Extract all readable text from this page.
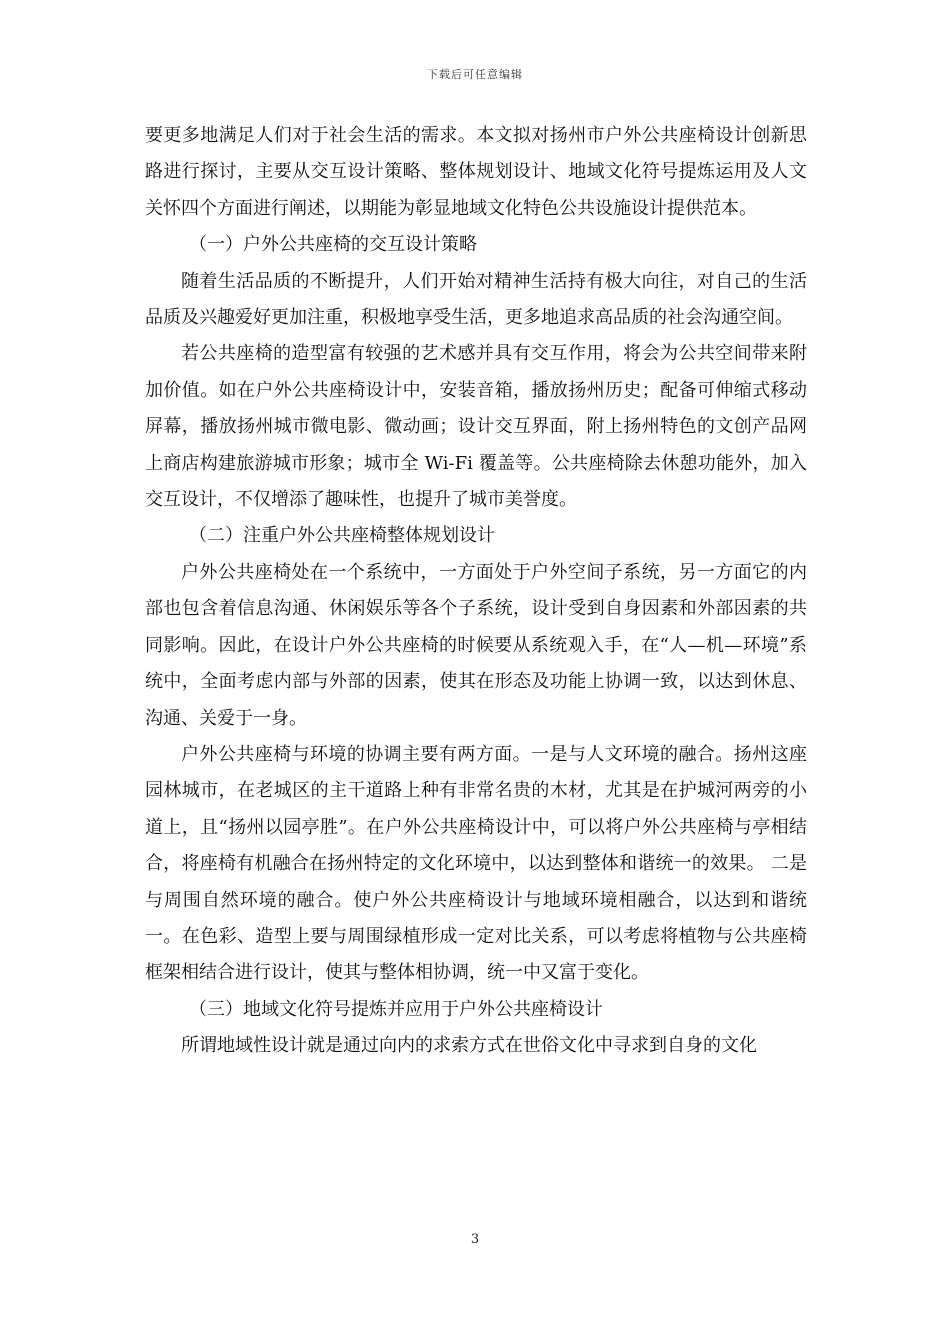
下载后可任意编辑

要更多地满足人们对于社会生活的需求。本文拟对扬州市户外公共座椅设计创新思路进行探讨，主要从交互设计策略、整体规划设计、地域文化符号提炼运用及人文关怀四个方面进行阐述，以期能为彰显地域文化特色公共设施设计提供范本。

（一）户外公共座椅的交互设计策略

随着生活品质的不断提升，人们开始对精神生活持有极大向往，对自己的生活品质及兴趣爱好更加注重，积极地享受生活，更多地追求高品质的社会沟通空间。

若公共座椅的造型富有较强的艺术感并具有交互作用，将会为公共空间带来附加价值。如在户外公共座椅设计中，安装音箱，播放扬州历史；配备可伸缩式移动屏幕，播放扬州城市微电影、微动画；设计交互界面，附上扬州特色的文创产品网上商店构建旅游城市形象；城市全 Wi-Fi 覆盖等。公共座椅除去休憩功能外，加入交互设计，不仅增添了趣味性，也提升了城市美誉度。

（二）注重户外公共座椅整体规划设计

户外公共座椅处在一个系统中，一方面处于户外空间子系统，另一方面它的内部也包含着信息沟通、休闲娱乐等各个子系统，设计受到自身因素和外部因素的共同影响。因此，在设计户外公共座椅的时候要从系统观入手，在“人—机—环境”系统中，全面考虑内部与外部的因素，使其在形态及功能上协调一致，以达到休息、沟通、关爱于一身。

户外公共座椅与环境的协调主要有两方面。一是与人文环境的融合。扬州这座园林城市，在老城区的主干道路上种有非常名贵的木材，尤其是在护城河两旁的小道上，且“扬州以园亭胜”。在户外公共座椅设计中，可以将户外公共座椅与亭相结合，将座椅有机融合在扬州特定的文化环境中，以达到整体和谐统一的效果。 二是与周围自然环境的融合。使户外公共座椅设计与地域环境相融合，以达到和谐统一。在色彩、造型上要与周围绿植形成一定对比关系，可以考虑将植物与公共座椅框架相结合进行设计，使其与整体相协调，统一中又富于变化。

（三）地域文化符号提炼并应用于户外公共座椅设计

所谓地域性设计就是通过向内的求索方式在世俗文化中寻求到自身的文化

3
